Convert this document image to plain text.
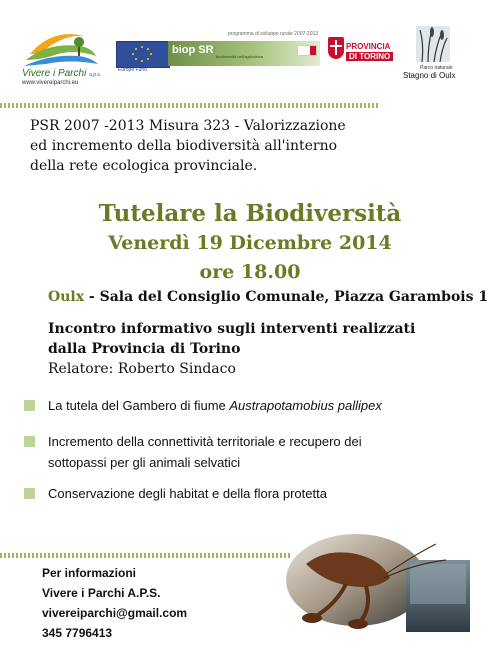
Vivere i Parchi a.p.s.
www.vivereiparchi.eu
programma di sviluppo rurale 2007-2013
Europe Fund
biop SR
biodiversità nell'agricoltura
PROVINCIA
DI TORINO
Parco naturale
Stagno di Oulx
PSR 2007 -2013 Misura 323 - Valorizzazione
ed incremento della biodiversità all'interno
della rete ecologica provinciale.
Tutelare la Biodiversità
Venerdì 19 Dicembre 2014
ore 18.00
Oulx - Sala del Consiglio Comunale, Piazza Garambois 1
Incontro informativo sugli interventi realizzati
dalla Provincia di Torino
Relatore: Roberto Sindaco
La tutela del Gambero di fiume Austrapotamobius pallipex
Incremento della connettività territoriale e recupero dei
sottopassi per gli animali selvatici
Conservazione degli habitat e della flora protetta
Per informazioni
Vivere i Parchi A.P.S.
vivereiparchi@gmail.com
345 7796413
